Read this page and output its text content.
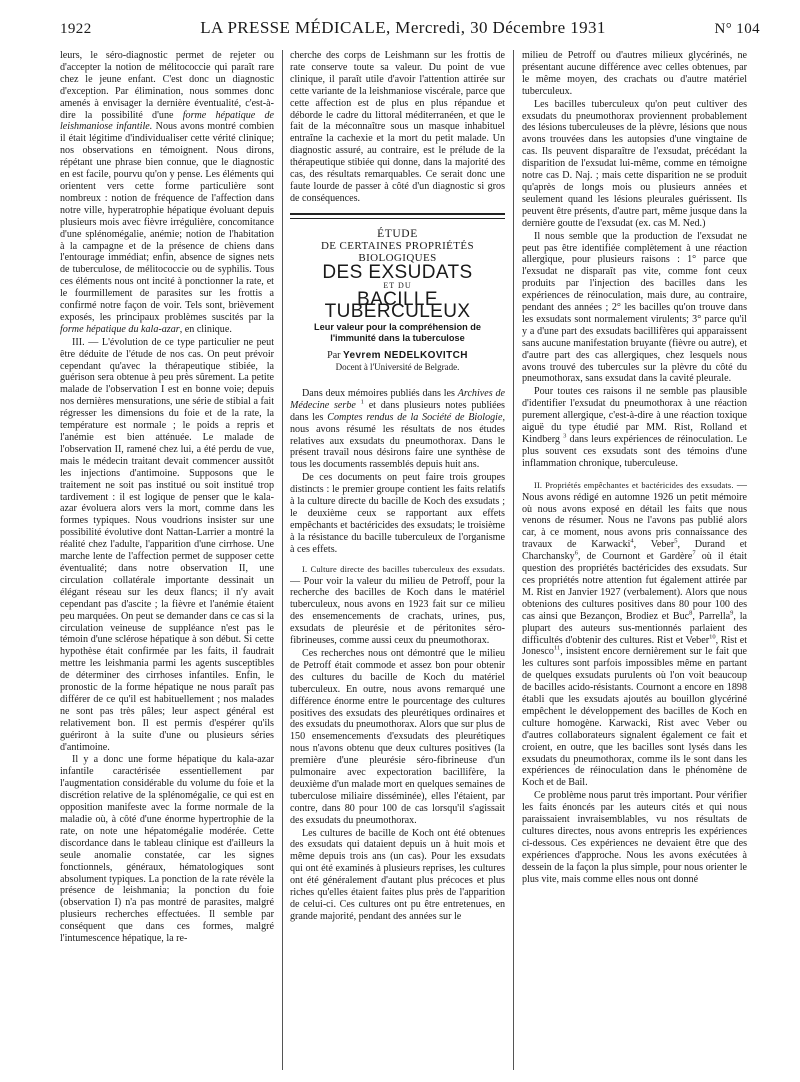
1922	LA PRESSE MÉDICALE, Mercredi, 30 Décembre 1931	N° 104

leurs, le séro-diagnostic permet de rejeter ou d'accepter la notion de mélitococcie qui paraît rare chez le jeune enfant. C'est donc un diagnostic d'exception. Par élimination, nous sommes donc amenés à envisager la dernière éventualité, c'est-à-dire la possibilité d'une forme hépatique de leishmaniose infantile. Nous avons montré combien il était légitime d'individualiser cette vérité clinique; nos observations en témoignent. Nous dirons, répétant une phrase bien connue, que le diagnostic en est facile, pourvu qu'on y pense. Les éléments qui orientent vers cette forme particulière sont nombreux : notion de fréquence de l'affection dans notre ville, hyperatrophie hépatique évoluant depuis plusieurs mois avec fièvre irrégulière, concomitance d'une splénomégalie, anémie; notion de l'habitation à la campagne et de la présence de chiens dans l'entourage immédiat; enfin, absence de signes nets de tuberculose, de mélitococcie ou de syphilis. Tous ces éléments nous ont incité à ponctionner la rate, et le fourmillement de parasites sur les frottis a confirmé notre façon de voir. Tels sont, brièvement exposés, les principaux problèmes suscités par la forme hépatique du kala-azar, en clinique.

III. — L'évolution de ce type particulier ne peut être déduite de l'étude de nos cas. On peut prévoir cependant qu'avec la thérapeutique stibiée, la guérison sera obtenue à peu près sûrement. La petite malade de l'observation I est en bonne voie; depuis nos dernières mensurations, une série de stibial a fait régresser les dimensions du foie et de la rate, la température est normale ; le poids a repris et l'anémie est bien atténuée. Le malade de l'observation II, ramené chez lui, a été perdu de vue, mais le médecin traitant devait commencer aussitôt les injections d'antimoine. Supposons que le traitement ne soit pas institué ou soit institué trop tardivement : il est logique de penser que le kala-azar évoluera alors vers la mort, comme dans les formes typiques. Nous voudrions insister sur une possibilité évolutive dont Nattan-Larrier a montré la réalité chez l'adulte, l'apparition d'une cirrhose. Une marche lente de l'affection permet de supposer cette éventualité; dans notre observation II, une circulation collatérale importante dessinait un élégant réseau sur les deux flancs; il n'y avait cependant pas d'ascite ; la fièvre et l'anémie étaient peu marquées. On peut se demander dans ce cas si la circulation veineuse de suppléance n'est pas le témoin d'une sclérose hépatique à son début. Si cette hypothèse était confirmée par les faits, il faudrait mettre les leishmania parmi les agents susceptibles de déterminer des cirrhoses infantiles. Enfin, le pronostic de la forme hépatique ne nous paraît pas différer de ce qu'il est habituellement ; nos malades ne sont pas très pâles; leur aspect général est relativement bon. Il est permis d'espérer qu'ils guériront à la suite d'une ou plusieurs séries d'antimoine.

Il y a donc une forme hépatique du kala-azar infantile caractérisée essentiellement par l'augmentation considérable du volume du foie et la discrétion relative de la splénomégalie, ce qui est en opposition manifeste avec la forme normale de la maladie où, à côté d'une énorme hypertrophie de la rate, on note une hépatomégalie modérée. Cette discordance dans le tableau clinique est d'ailleurs la seule anomalie constatée, car les signes fonctionnels, généraux, hématologiques sont absolument typiques. La ponction de la rate révèle la présence de leishmania; la ponction du foie (observation I) n'a pas montré de parasites, malgré plusieurs recherches effectuées. Il semble par conséquent que dans ces formes, malgré l'intumescence hépatique, la re-

cherche des corps de Leishmann sur les frottis de rate conserve toute sa valeur. Du point de vue clinique, il paraît utile d'avoir l'attention attirée sur cette variante de la leishmaniose viscérale, parce que cette affection est de plus en plus répandue et déborde le cadre du littoral méditerranéen, et que le fait de la méconnaître sous un masque inhabituel entraîne la cachexie et la mort du petit malade. Un diagnostic assuré, au contraire, est le prélude de la thérapeutique stibiée qui donne, dans la majorité des cas, des résultats remarquables. Ce serait donc une faute lourde de passer à côté d'un diagnostic si gros de conséquences.

ÉTUDE
DE CERTAINES PROPRIÉTÉS BIOLOGIQUES
DES EXSUDATS
ET DU
BACILLE TUBERCULEUX
Leur valeur pour la compréhension de l'immunité dans la tuberculose
Par Yevrem NEDELKOVITCH
Docent à l'Université de Belgrade.

Dans deux mémoires publiés dans les Archives de Médecine serbe $^1$ et dans plusieurs notes publiées dans les Comptes rendus de la Société de Biologie, nous avons résumé les résultats de nos études relatives aux exsudats du pneumothorax. Dans le présent travail nous désirons faire une synthèse de tous les documents rassemblés depuis huit ans.

De ces documents on peut faire trois groupes distincts : le premier groupe contient les faits relatifs à la culture directe du bacille de Koch des exsudats ; le deuxième ceux se rapportant aux effets empêchants et bactéricides des exsudats; le troisième à la résistance du bacille tuberculeux de l'organisme à ces effets.

I. Culture directe des bacilles tuberculeux des exsudats. — Pour voir la valeur du milieu de Petroff, pour la recherche des bacilles de Koch dans le matériel tuberculeux, nous avons en 1923 fait sur ce milieu des ensemencements de crachats, urines, pus, exsudats de pleurésie et de péritonites séro-fibrineuses, comme aussi ceux du pneumothorax.

Ces recherches nous ont démontré que le milieu de Petroff était commode et assez bon pour obtenir des cultures du bacille de Koch du matériel tuberculeux. En outre, nous avons remarqué une différence énorme entre le pourcentage des cultures positives des exsudats des pleurétiques ordinaires et des exsudats du pneumothorax. Alors que sur plus de 150 ensemencements d'exsudats des pleurétiques nous n'avons obtenu que deux cultures positives (la première d'une pleurésie séro-fibrineuse d'un pulmonaire avec expectoration bacillifère, la deuxième d'un malade mort en quelques semaines de tuberculose miliaire disséminée), elles l'étaient, par contre, dans 80 pour 100 de cas lorsqu'il s'agissait des exsudats du pneumothorax.

Les cultures de bacille de Koch ont été obtenues des exsudats qui dataient depuis un à huit mois et même depuis trois ans (un cas). Pour les exsudats qui ont été examinés à plusieurs reprises, les cultures ont été généralement d'autant plus précoces et plus riches qu'elles étaient faites plus près de l'apparition de celui-ci. Ces cultures ont pu être entretenues, en grande majorité, pendant des années sur le

milieu de Petroff ou d'autres milieux glycérinés, ne présentant aucune différence avec celles obtenues, par le même moyen, des crachats ou d'autre matériel tuberculeux.

Les bacilles tuberculeux qu'on peut cultiver des exsudats du pneumothorax proviennent probablement des lésions tuberculeuses de la plèvre, lésions que nous avons trouvées dans les autopsies d'une vingtaine de cas. Ils peuvent disparaître de l'exsudat, précédant la disparition de l'exsudat lui-même, comme en témoigne notre cas D. Naj. ; mais cette disparition ne se produit qu'après de longs mois ou plusieurs années et seulement quand les lésions pleurales guérissent. Ils peuvent être présents, d'autre part, même jusque dans la dernière goutte de l'exsudat (ex. cas M. Ned.)

Il nous semble que la production de l'exsudat ne peut pas être identifiée complètement à une réaction allergique, pour plusieurs raisons : 1° parce que l'exsudat ne disparaît pas vite, comme font ceux produits par l'injection des bacilles dans les expériences de réinoculation, mais dure, au contraire, pendant des années ; 2° les bacilles qu'on trouve dans les exsudats sont normalement virulents; 3° parce qu'il y a d'une part des exsudats bacillifères qui apparaissent sans aucune manifestation bruyante (fièvre ou autre), et d'autre part des cas allergiques, chez lesquels nous avons trouvé des tubercules sur la plèvre du côté du pneumothorax, sans exsudat dans la cavité pleurale.

Pour toutes ces raisons il ne semble pas plausible d'identifier l'exsudat du pneumothorax à une réaction purement allergique, c'est-à-dire à une réaction toxique aiguë du type étudié par MM. Rist, Rolland et Kindberg $^3$ dans leurs expériences de réinoculation. Le plus souvent ces exsudats sont des témoins d'une inflammation chronique, tuberculeuse.

II. Propriétés empêchantes et bactéricides des exsudats. — Nous avons rédigé en automne 1926 un petit mémoire où nous avons exposé en détail les faits que nous venons de résumer. Nous ne l'avons pas publié alors car, à ce moment, nous avons pris connaissance des travaux de Karwacki$^4$, Veber$^5$, Durand et Charchansky$^6$, de Cournont et Gardère$^7$ où il était question des propriétés bactéricides des exsudats. Sur ces propriétés notre attention fut également attirée par M. Rist en Janvier 1927 (verbalement). Alors que nous obtenions des cultures positives dans 80 pour 100 des cas ainsi que Bezançon, Brodiez et Buc$^8$, Parrella$^9$, la plupart des auteurs sus-mentionnés parlaient des difficultés d'obtenir des cultures. Rist et Veber$^{10}$, Rist et Jonesco$^{11}$, insistent encore dernièrement sur le fait que les cultures sont parfois impossibles même en partant de quelques exsudats purulents où l'on voit beaucoup de bacilles acido-résistants. Cournont a encore en 1898 établi que les exsudats ajoutés au bouillon glycériné empêchent le développement des bacilles de Koch en culture homogène. Karwacki, Rist avec Veber ou d'autres collaborateurs signalent également ce fait et croient, en outre, que les bacilles sont lysés dans les exsudats du pneumothorax, comme ils le sont dans les expériences de réinoculation dans le phénomène de Koch et de Bail.

Ce problème nous parut très important. Pour vérifier les faits énoncés par les auteurs cités et qui nous paraissaient invraisemblables, vu nos résultats de cultures directes, nous avons entrepris les expériences ci-dessous. Ces expériences ne devaient être que des expériences d'approche. Nous les avons exécutées à dessein de la façon la plus simple, pour nous orienter le plus vite, mais comme elles nous ont donné
